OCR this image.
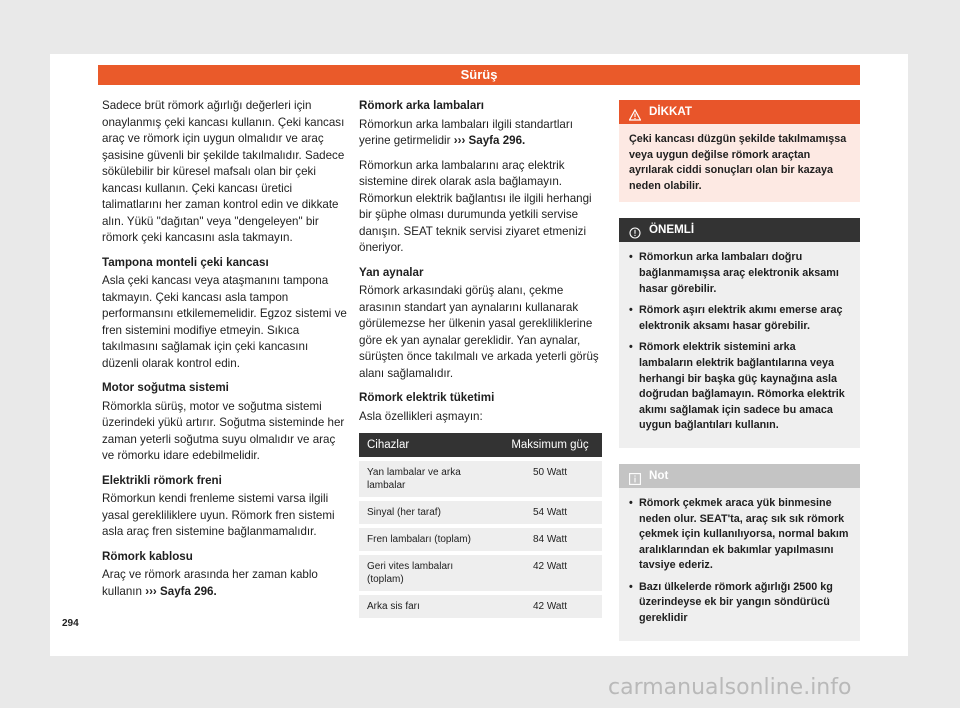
Sürüş

Sadece brüt römork ağırlığı değerleri için onaylanmış çeki kancası kullanın. Çeki kancası araç ve römork için uygun olmalıdır ve araç şasisine güvenli bir şekilde takılmalıdır. Sadece sökülebilir bir küresel mafsalı olan bir çeki kancası kullanın. Çeki kancası üretici talimatlarını her zaman kontrol edin ve dikkate alın. Yükü "dağıtan" veya "dengeleyen" bir römork çeki kancasını asla takmayın.

Tampona monteli çeki kancası

Asla çeki kancası veya ataşmanını tampona takmayın. Çeki kancası asla tampon performansını etkilememelidir. Egzoz sistemi ve fren sistemini modifiye etmeyin. Sıkıca takılmasını sağlamak için çeki kancasını düzenli olarak kontrol edin.

Motor soğutma sistemi

Römorkla sürüş, motor ve soğutma sistemi üzerindeki yükü artırır. Soğutma sisteminde her zaman yeterli soğutma suyu olmalıdır ve araç ve römorku idare edebilmelidir.

Elektrikli römork freni

Römorkun kendi frenleme sistemi varsa ilgili yasal gerekliliklere uyun. Römork fren sistemi asla araç fren sistemine bağlanmamalıdır.

Römork kablosu

Araç ve römork arasında her zaman kablo kullanın ››› Sayfa 296.

Römork arka lambaları

Römorkun arka lambaları ilgili standartları yerine getirmelidir ››› Sayfa 296.

Römorkun arka lambalarını araç elektrik sistemine direk olarak asla bağlamayın. Römorkun elektrik bağlantısı ile ilgili herhangi bir şüphe olması durumunda yetkili servise danışın. SEAT teknik servisi ziyaret etmenizi öneriyor.

Yan aynalar

Römork arkasındaki görüş alanı, çekme arasının standart yan aynalarını kullanarak görülemezse her ülkenin yasal gerekliliklerine göre ek yan aynalar gereklidir. Yan aynalar, sürüşten önce takılmalı ve arkada yeterli görüş alanı sağlamalıdır.

Römork elektrik tüketimi

Asla özellikleri aşmayın:

Cihazlar	Maksimum güç
Yan lambalar ve arka lambalar	50 Watt
Sinyal (her taraf)	54 Watt
Fren lambaları (toplam)	84 Watt
Geri vites lambaları (toplam)	42 Watt
Arka sis farı	42 Watt
DİKKAT
Çeki kancası düzgün şekilde takılmamışsa veya uygun değilse römork araçtan ayrılarak ciddi sonuçları olan bir kazaya neden olabilir.
ÖNEMLİ
• Römorkun arka lambaları doğru bağlanmamışsa araç elektronik aksamı hasar görebilir.
• Römork aşırı elektrik akımı emerse araç elektronik aksamı hasar görebilir.
• Römork elektrik sistemini arka lambaların elektrik bağlantılarına veya herhangi bir başka güç kaynağına asla doğrudan bağlamayın. Römorka elektrik akımı sağlamak için sadece bu amaca uygun bağlantıları kullanın.
Not
• Römork çekmek araca yük binmesine neden olur. SEAT'ta, araç sık sık römork çekmek için kullanılıyorsa, normal bakım aralıklarından ek bakımlar yapılmasını tavsiye ederiz.
• Bazı ülkelerde römork ağırlığı 2500 kg üzerindeyse ek bir yangın söndürücü gereklidir
294
carmanualsonline.info
